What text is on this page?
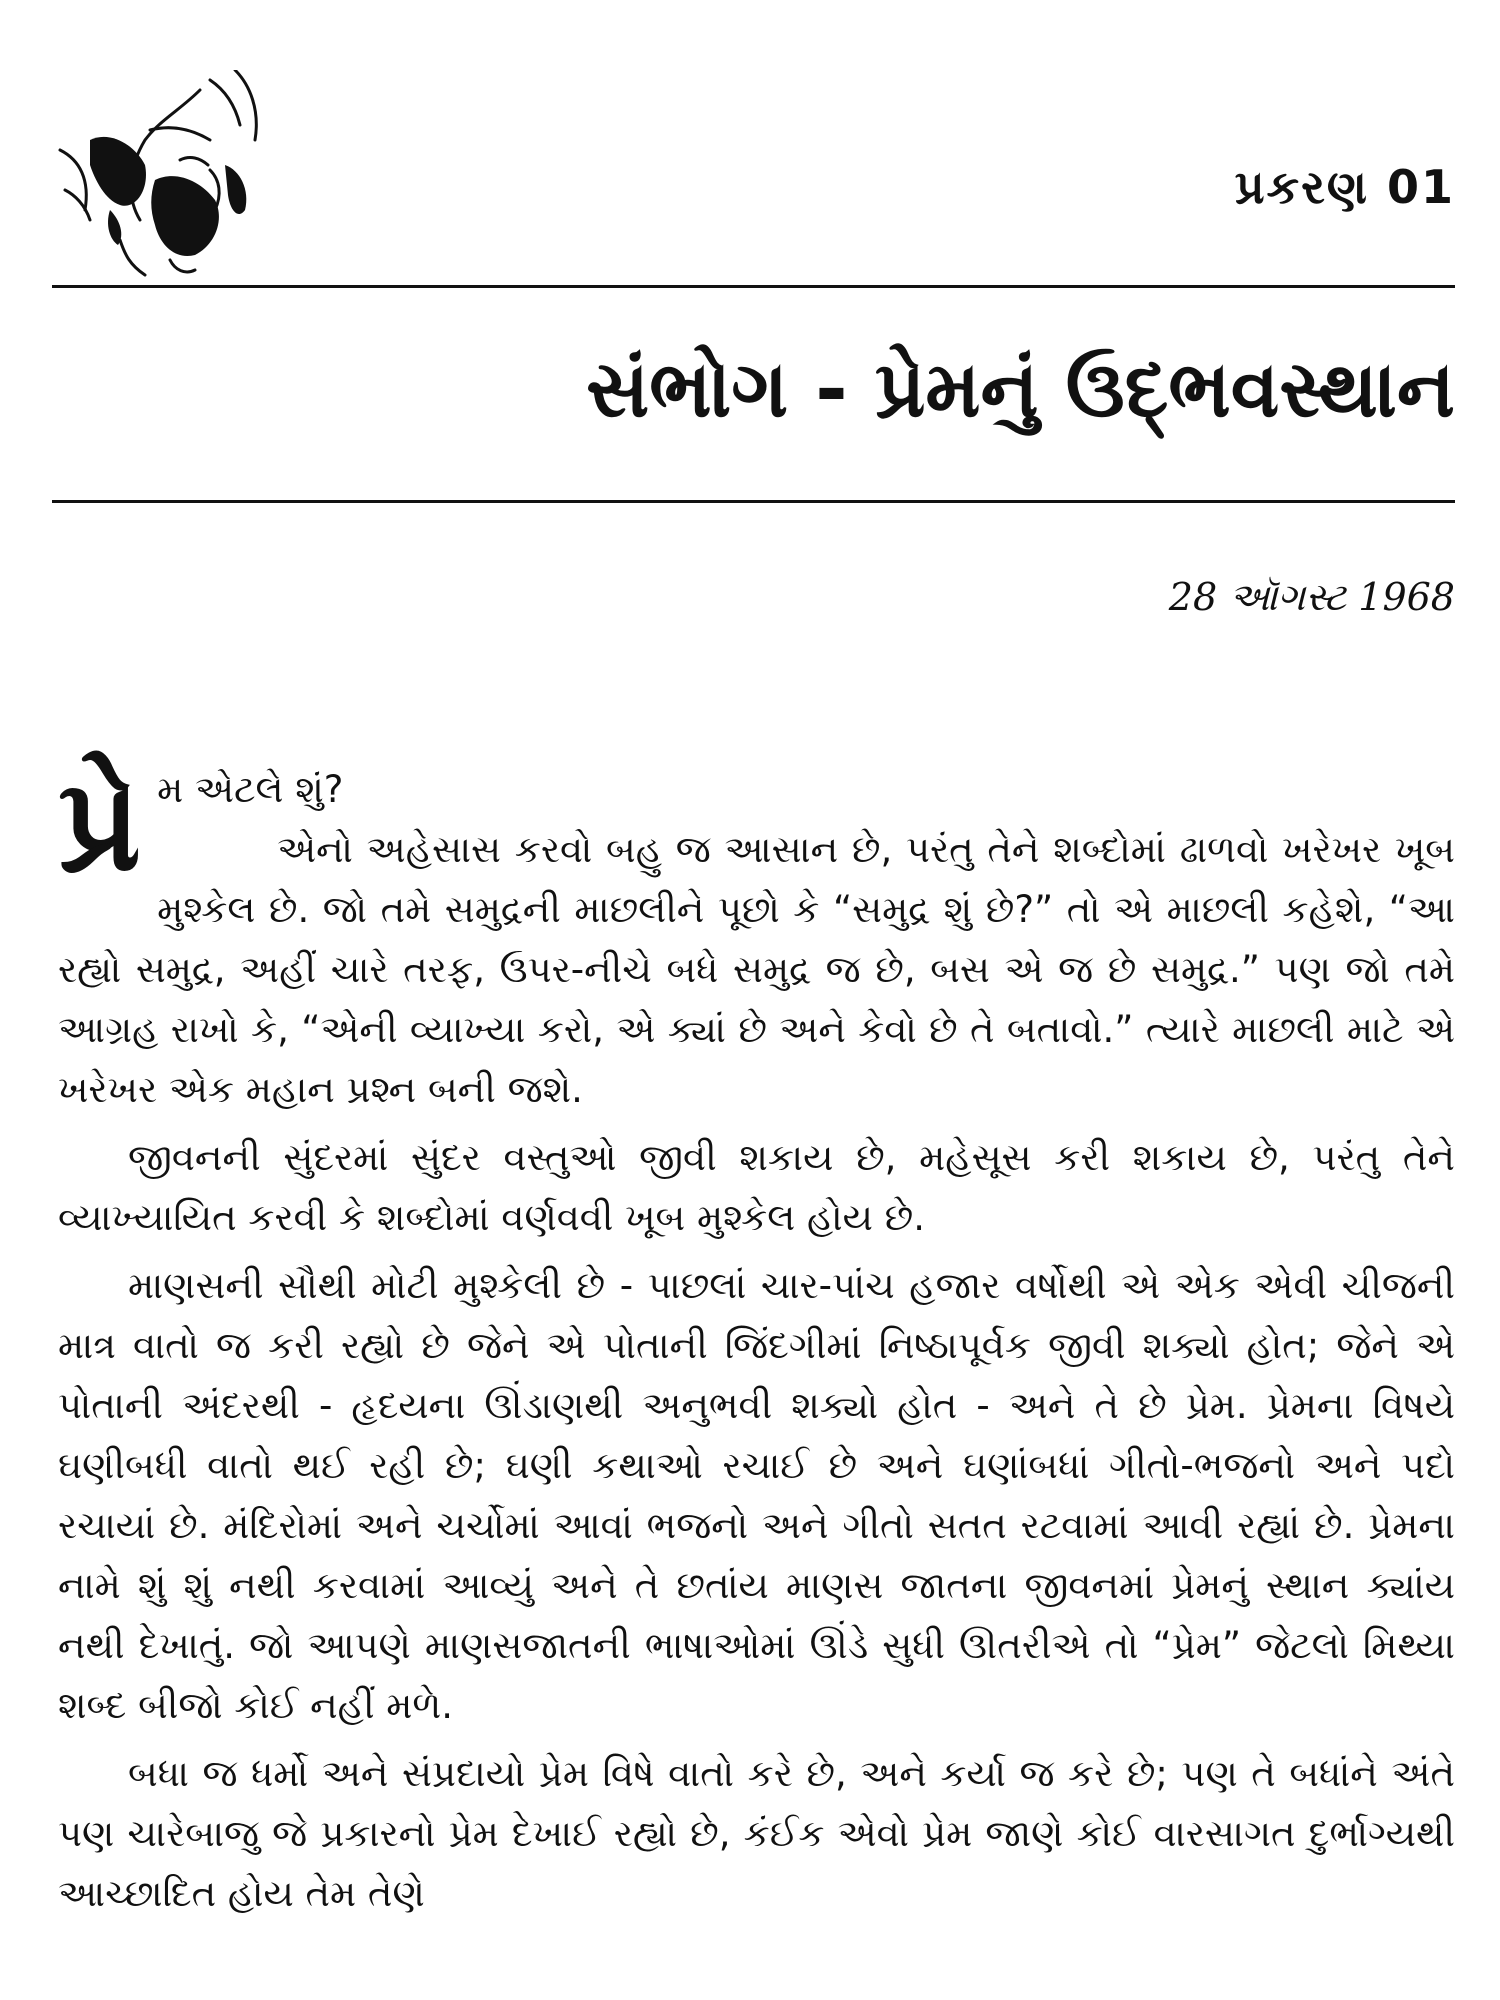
પ્રકરણ 01
સંભોગ - પ્રેમનું ઉદ્ભવસ્થાન
28 ઑગસ્ટ 1968

પ્રે મ એટલે શું?
એનો અહેસાસ કરવો બહુ જ આસાન છે, પરંતુ તેને શબ્દોમાં ઢાળવો ખરેખર ખૂબ મુશ્કેલ છે. જો તમે સમુદ્રની માછલીને પૂછો કે “સમુદ્ર શું છે?” તો એ માછલી કહેશે, “આ રહ્યો સમુદ્ર, અહીં ચારે તરફ, ઉપર-નીચે બધે સમુદ્ર જ છે, બસ એ જ છે સમુદ્ર.” પણ જો તમે આગ્રહ રાખો કે, “એની વ્યાખ્યા કરો, એ ક્યાં છે અને કેવો છે તે બતાવો.” ત્યારે માછલી માટે એ ખરેખર એક મહાન પ્રશ્ન બની જશે.

જીવનની સુંદરમાં સુંદર વસ્તુઓ જીવી શકાય છે, મહેસૂસ કરી શકાય છે, પરંતુ તેને વ્યાખ્યાયિત કરવી કે શબ્દોમાં વર્ણવવી ખૂબ મુશ્કેલ હોય છે.

માણસની સૌથી મોટી મુશ્કેલી છે - પાછલાં ચાર-પાંચ હજાર વર્ષોથી એ એક એવી ચીજની માત્ર વાતો જ કરી રહ્યો છે જેને એ પોતાની જિંદગીમાં નિષ્ઠાપૂર્વક જીવી શક્યો હોત; જેને એ પોતાની અંદરથી - હૃદયના ઊંડાણથી અનુભવી શક્યો હોત - અને તે છે પ્રેમ. પ્રેમના વિષયે ઘણીબધી વાતો થઈ રહી છે; ઘણી કથાઓ રચાઈ છે અને ઘણાંબધાં ગીતો-ભજનો અને પદો રચાયાં છે. મંદિરોમાં અને ચર્ચોમાં આવાં ભજનો અને ગીતો સતત રટવામાં આવી રહ્યાં છે. પ્રેમના નામે શું શું નથી કરવામાં આવ્યું અને તે છતાંય માણસ જાતના જીવનમાં પ્રેમનું સ્થાન ક્યાંય નથી દેખાતું. જો આપણે માણસજાતની ભાષાઓમાં ઊંડે સુધી ઊતરીએ તો “પ્રેમ” જેટલો મિથ્યા શબ્દ બીજો કોઈ નહીં મળે.

બધા જ ધર્મો અને સંપ્રદાયો પ્રેમ વિષે વાતો કરે છે, અને કર્યા જ કરે છે; પણ તે બધાંને અંતે પણ ચારેબાજુ જે પ્રકારનો પ્રેમ દેખાઈ રહ્યો છે, કંઈક એવો પ્રેમ જાણે કોઈ વારસાગત દુર્ભાગ્યથી આચ્છાદિત હોય તેમ તેણે
